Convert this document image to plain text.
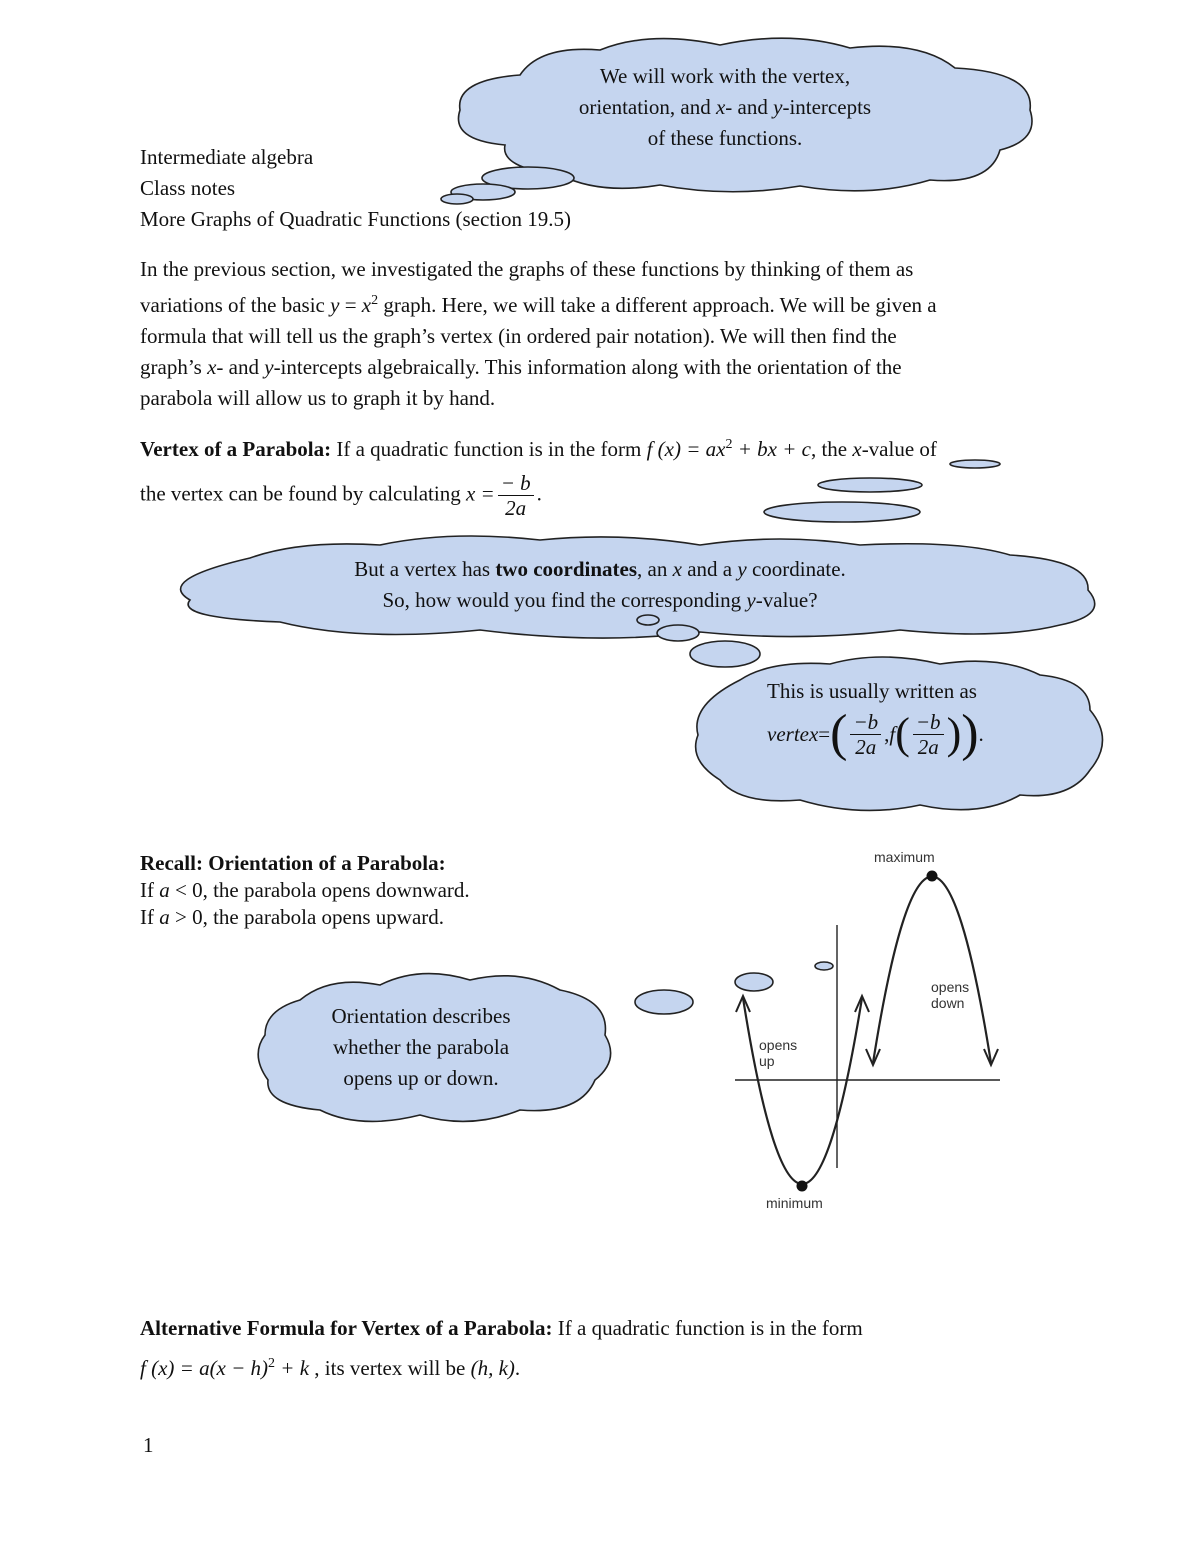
Intermediate algebra
Class notes
More Graphs of Quadratic Functions (section 19.5)
We will work with the vertex,
orientation, and x- and y-intercepts
of these functions.
In the previous section, we investigated the graphs of these functions by thinking of them as
variations of the basic $y = x^2$ graph. Here, we will take a different approach. We will be given a
formula that will tell us the graph’s vertex (in ordered pair notation). We will then find the
graph’s x- and y-intercepts algebraically. This information along with the orientation of the
parabola will allow us to graph it by hand.
Vertex of a Parabola: If a quadratic function is in the form f $(x) = ax^2$ + bx + c, the x-value of
the vertex can be found by calculating $x = \frac{- b}{2a}$ .
But a vertex has two coordinates, an x and a y coordinate.
So, how would you find the corresponding y-value?
This is usually written as
vertex = ( $\frac{-b}{2a}$ , f ( $\frac{-b}{2a}$ ) ) .
Recall: Orientation of a Parabola:
If a < 0, the parabola opens downward.
If a > 0, the parabola opens upward.
Orientation describes
whether the parabola
opens up or down.
maximum
minimum
opens
up
opens
down
Alternative Formula for Vertex of a Parabola: If a quadratic function is in the form
f $(x) = a(x - h)^2 + k$ , its vertex will be (h, k).
1
